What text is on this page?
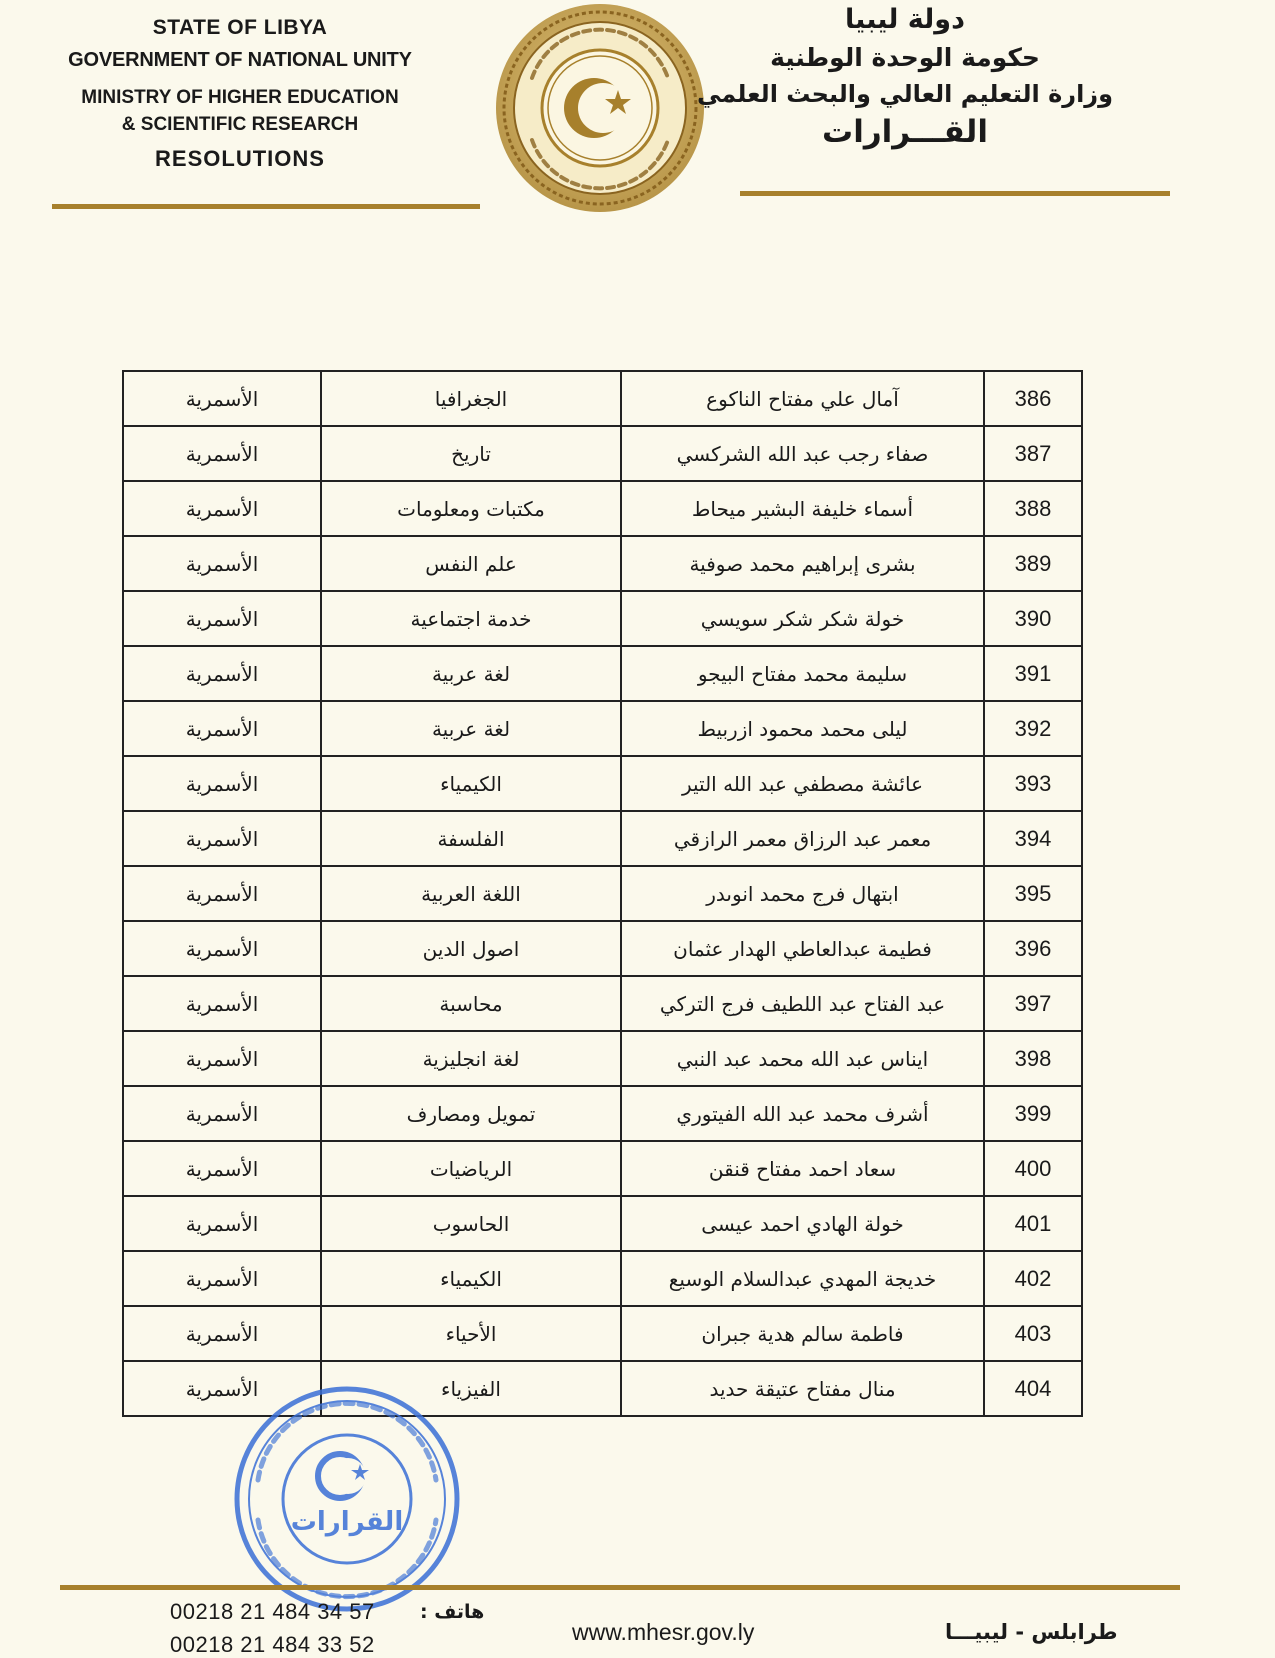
STATE OF LIBYA
GOVERNMENT OF NATIONAL UNITY
MINISTRY OF HIGHER EDUCATION
& SCIENTIFIC RESEARCH
RESOLUTIONS
دولة ليبيا
حكومة الوحدة الوطنية
وزارة التعليم العالي والبحث العلمي
القـــرارات
386	آمال علي مفتاح الناكوع	الجغرافيا	الأسمرية
387	صفاء رجب عبد الله الشركسي	تاريخ	الأسمرية
388	أسماء خليفة البشير ميحاط	مكتبات ومعلومات	الأسمرية
389	بشرى إبراهيم محمد صوفية	علم النفس	الأسمرية
390	خولة شكر شكر سويسي	خدمة اجتماعية	الأسمرية
391	سليمة محمد مفتاح البيجو	لغة عربية	الأسمرية
392	ليلى محمد محمود ازربيط	لغة عربية	الأسمرية
393	عائشة مصطفي عبد الله التير	الكيمياء	الأسمرية
394	معمر عبد الرزاق معمر الرازقي	الفلسفة	الأسمرية
395	ابتهال فرج محمد انوىدر	اللغة العربية	الأسمرية
396	فطيمة عبدالعاطي الهدار عثمان	اصول الدين	الأسمرية
397	عبد الفتاح عبد اللطيف فرج التركي	محاسبة	الأسمرية
398	ايناس عبد الله محمد عبد النبي	لغة انجليزية	الأسمرية
399	أشرف محمد عبد الله الفيتوري	تمويل ومصارف	الأسمرية
400	سعاد احمد مفتاح قنقن	الرياضيات	الأسمرية
401	خولة الهادي احمد عيسى	الحاسوب	الأسمرية
402	خديجة المهدي عبدالسلام الوسيع	الكيمياء	الأسمرية
403	فاطمة سالم هدية جبران	الأحياء	الأسمرية
404	منال مفتاح عتيقة حديد	الفيزياء	الأسمرية
القرارات
00218 21 484 34 57
00218 21 484 33 52
هاتف :
www.mhesr.gov.ly	طرابلس - ليبيـــا
